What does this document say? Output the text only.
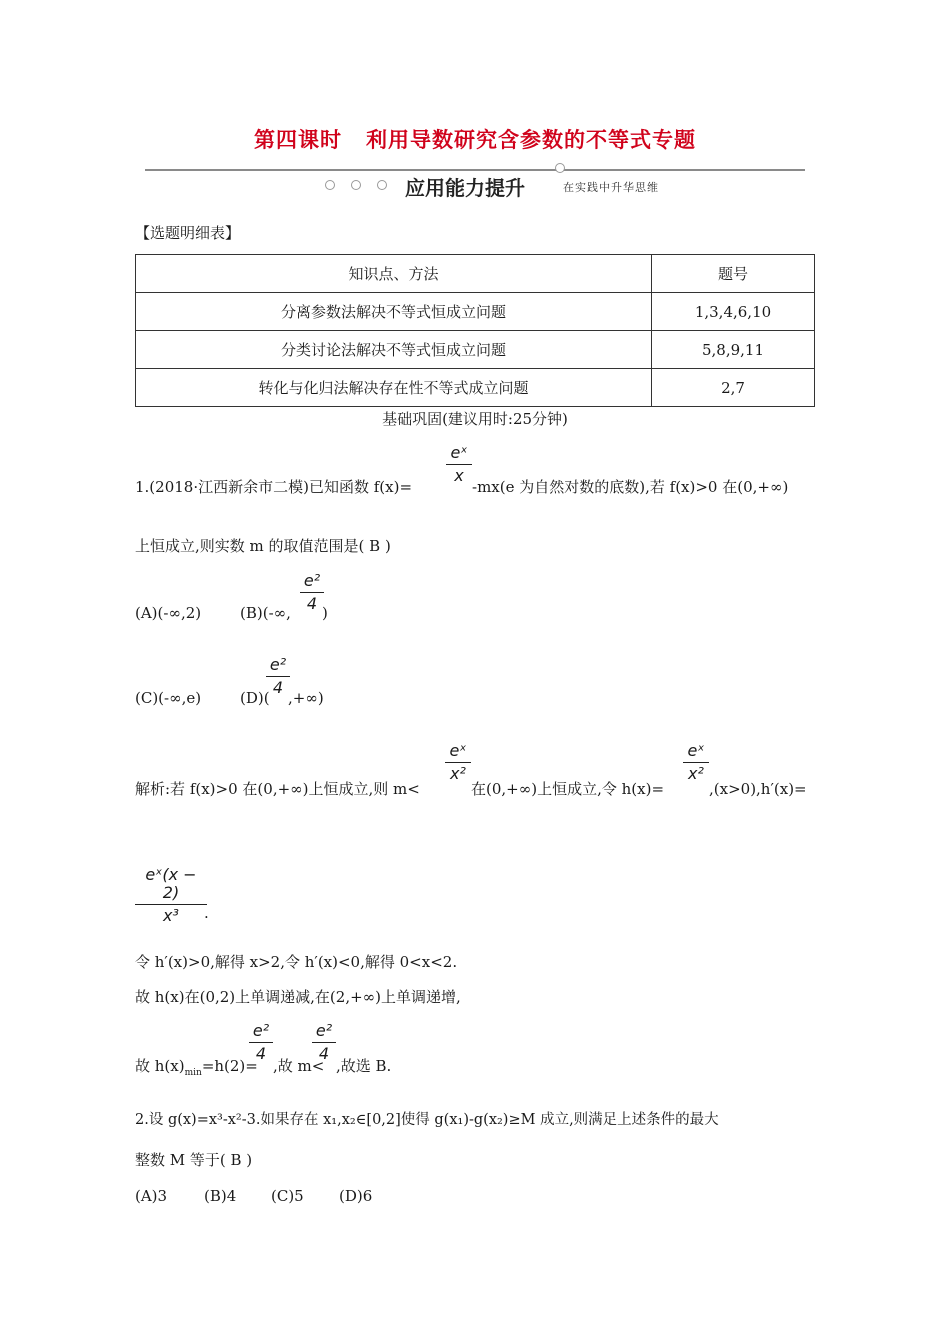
第四课时 利用导数研究含参数的不等式专题
应用能力提升	在实践中升华思维
【选题明细表】
知识点、方法	题号
分离参数法解决不等式恒成立问题	1,3,4,6,10
分类讨论法解决不等式恒成立问题	5,8,9,11
转化与化归法解决存在性不等式成立问题	2,7
基础巩固(建议用时:25分钟)
1.(2018·江西新余市二模)已知函数 f(x)=
eˣ
x
-mx(e 为自然对数的底数),若 f(x)>0 在(0,+∞)
上恒成立,则实数 m 的取值范围是( B )
(A)(-∞,2)	(B)(-∞,
e²
4 )
(C)(-∞,e)	(D)(
e²
4
,+∞)
解析:若 f(x)>0 在(0,+∞)上恒成立,则 m<
eˣ
x²
在(0,+∞)上恒成立,令 h(x)=
eˣ
x²
,(x>0),h′(x)=
eˣ(x − 2)
x³	.
令 h′(x)>0,解得 x>2,令 h′(x)<0,解得 0<x<2.
故 h(x)在(0,2)上单调递减,在(2,+∞)上单调递增,
故 $h(x)_{min}=h(2)=$
e²
4
,故 m<
e²
4
,故选 B.
2.设 g(x)=x³-x²-3.如果存在 x₁,x₂∈[0,2]使得 g(x₁)-g(x₂)≥M 成立,则满足上述条件的最大
整数 M 等于( B )
(A)3 (B)4 (C)5 (D)6
